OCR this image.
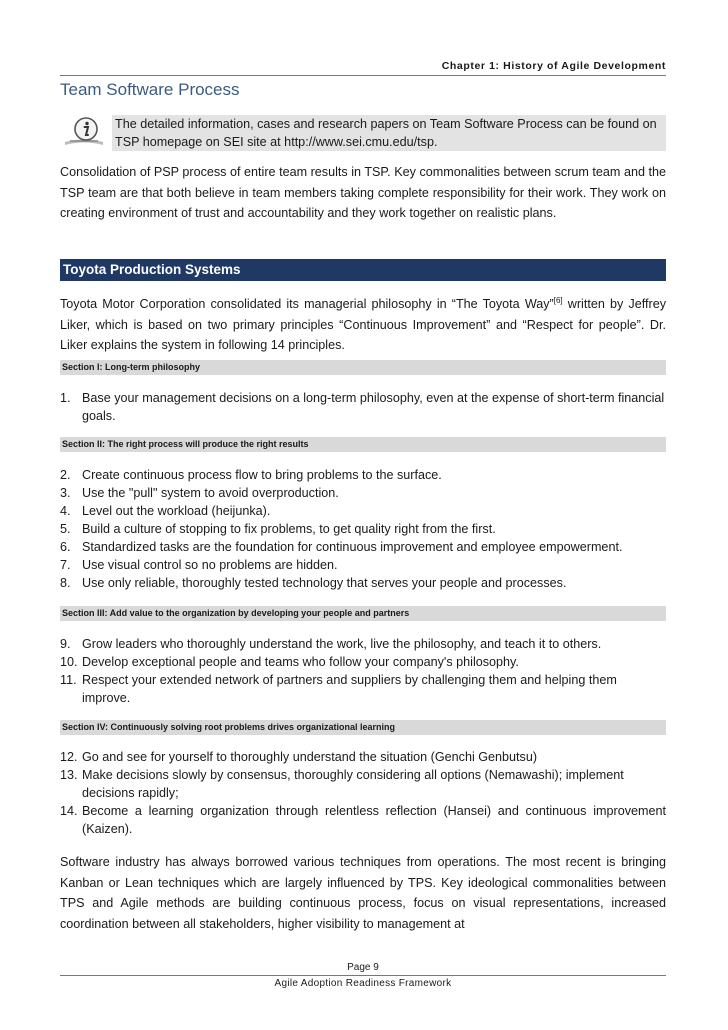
Chapter 1: History of Agile Development
Team Software Process
The detailed information, cases and research papers on Team Software Process can be found on TSP homepage on SEI site at http://www.sei.cmu.edu/tsp.

Consolidation of PSP process of entire team results in TSP. Key commonalities between scrum team and the TSP team are that both believe in team members taking complete responsibility for their work. They work on creating environment of trust and accountability and they work together on realistic plans.

Toyota Production Systems

Toyota Motor Corporation consolidated its managerial philosophy in “The Toyota Way”[6] written by Jeffrey Liker, which is based on two primary principles “Continuous Improvement” and “Respect for people”. Dr. Liker explains the system in following 14 principles.

Section I: Long-term philosophy
1. Base your management decisions on a long-term philosophy, even at the expense of short-term financial goals.
Section II: The right process will produce the right results
2. Create continuous process flow to bring problems to the surface.
3. Use the "pull" system to avoid overproduction.
4. Level out the workload (heijunka).
5. Build a culture of stopping to fix problems, to get quality right from the first.
6. Standardized tasks are the foundation for continuous improvement and employee empowerment.
7. Use visual control so no problems are hidden.
8. Use only reliable, thoroughly tested technology that serves your people and processes.
Section III: Add value to the organization by developing your people and partners
9. Grow leaders who thoroughly understand the work, live the philosophy, and teach it to others.
10. Develop exceptional people and teams who follow your company's philosophy.
11. Respect your extended network of partners and suppliers by challenging them and helping them improve.
Section IV: Continuously solving root problems drives organizational learning
12. Go and see for yourself to thoroughly understand the situation (Genchi Genbutsu)
13. Make decisions slowly by consensus, thoroughly considering all options (Nemawashi); implement decisions rapidly;
14. Become a learning organization through relentless reflection (Hansei) and continuous improvement (Kaizen).

Software industry has always borrowed various techniques from operations. The most recent is bringing Kanban or Lean techniques which are largely influenced by TPS. Key ideological commonalities between TPS and Agile methods are building continuous process, focus on visual representations, increased coordination between all stakeholders, higher visibility to management at

Page 9
Agile Adoption Readiness Framework
